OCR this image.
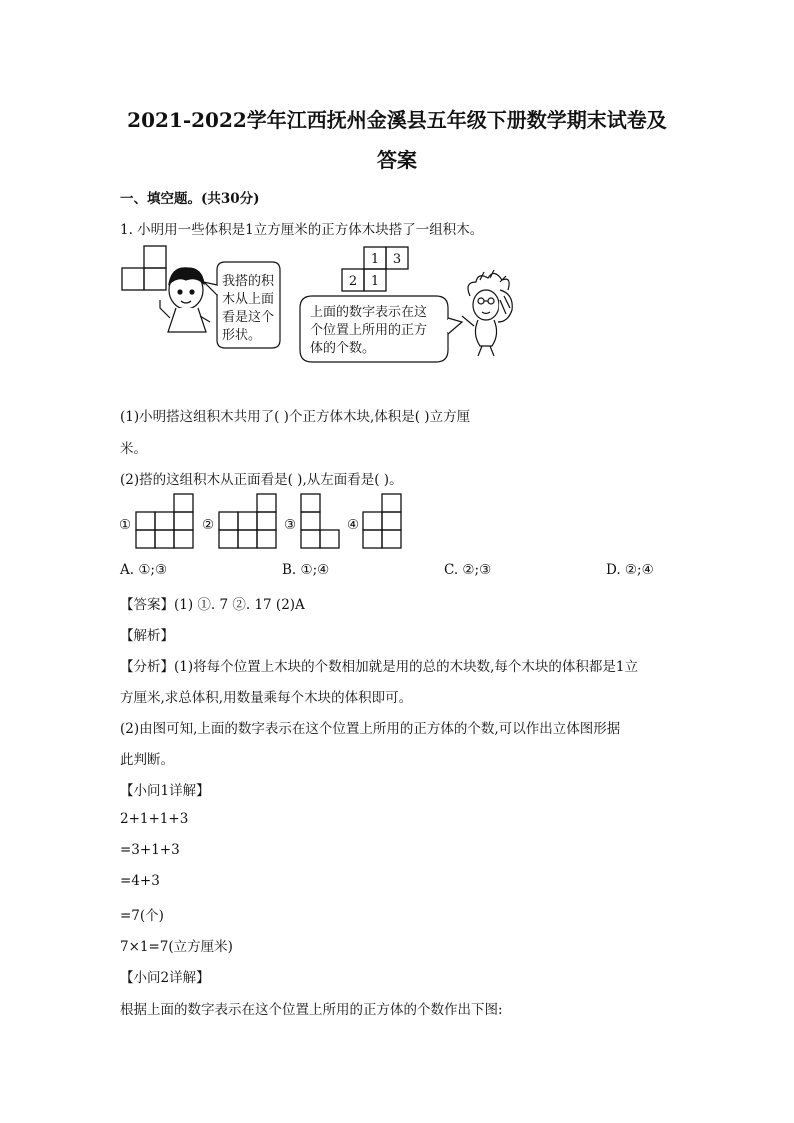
2021-2022学年江西抚州金溪县五年级下册数学期末试卷及
答案
一、填空题。(共30分)
1. 小明用一些体积是1立方厘米的正方体木块搭了一组积木。
我搭的积
木从上面
看是这个
形状。
1 3
2 1
上面的数字表示在这
个位置上所用的正方
体的个数。
①	②	③	④
(1)小明搭这组积木共用了( )个正方体木块,体积是( )立方厘
米。
(2)搭的这组积木从正面看是( ),从左面看是( )。
A. ①;③	B. ①;④	C. ②;③	D. ②;④
【答案】(1) ①. 7 ②. 17 (2)A
【解析】
【分析】(1)将每个位置上木块的个数相加就是用的总的木块数,每个木块的体积都是1立
方厘米,求总体积,用数量乘每个木块的体积即可。
(2)由图可知,上面的数字表示在这个位置上所用的正方体的个数,可以作出立体图形据
此判断。
【小问1详解】
2+1+1+3
=3+1+3
=4+3
=7(个)
7×1=7(立方厘米)
【小问2详解】
根据上面的数字表示在这个位置上所用的正方体的个数作出下图:
